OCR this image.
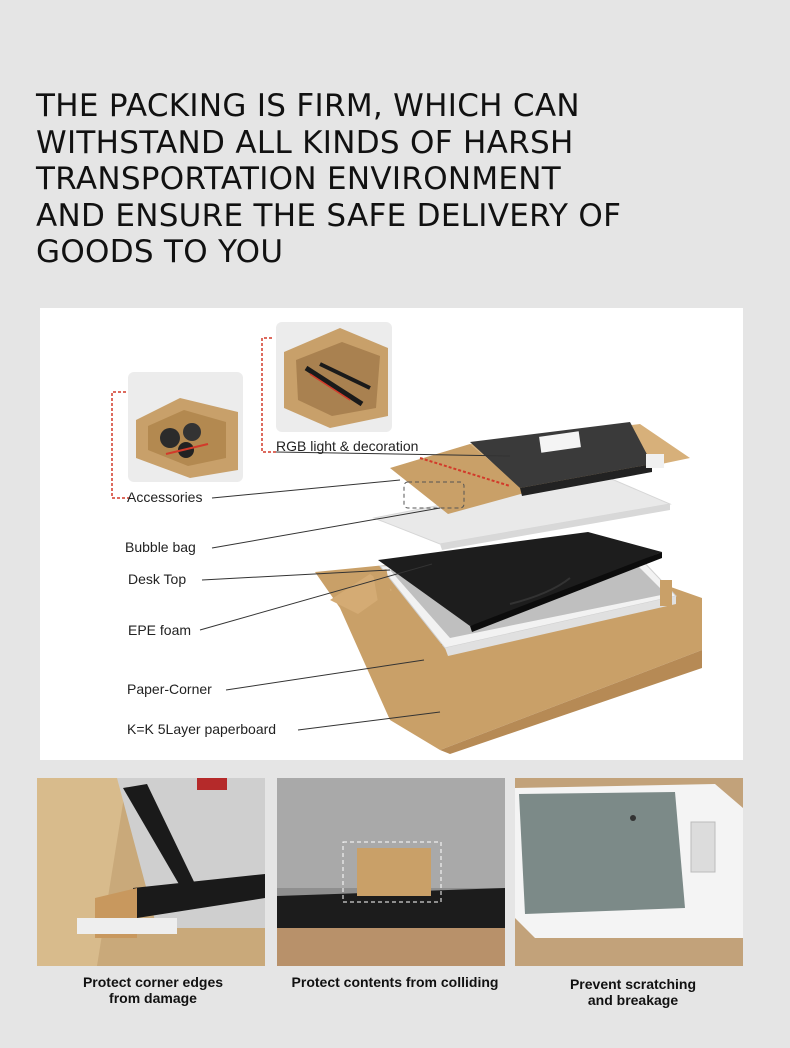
THE PACKING IS FIRM, WHICH CAN
WITHSTAND ALL KINDS OF HARSH
TRANSPORTATION ENVIRONMENT
AND ENSURE THE SAFE DELIVERY OF
GOODS TO YOU
RGB light & decoration
Accessories
Bubble bag
Desk Top
EPE foam
Paper-Corner
K=K 5Layer paperboard
Protect corner edges
from damage
Protect contents from colliding	Prevent scratching
and breakage
